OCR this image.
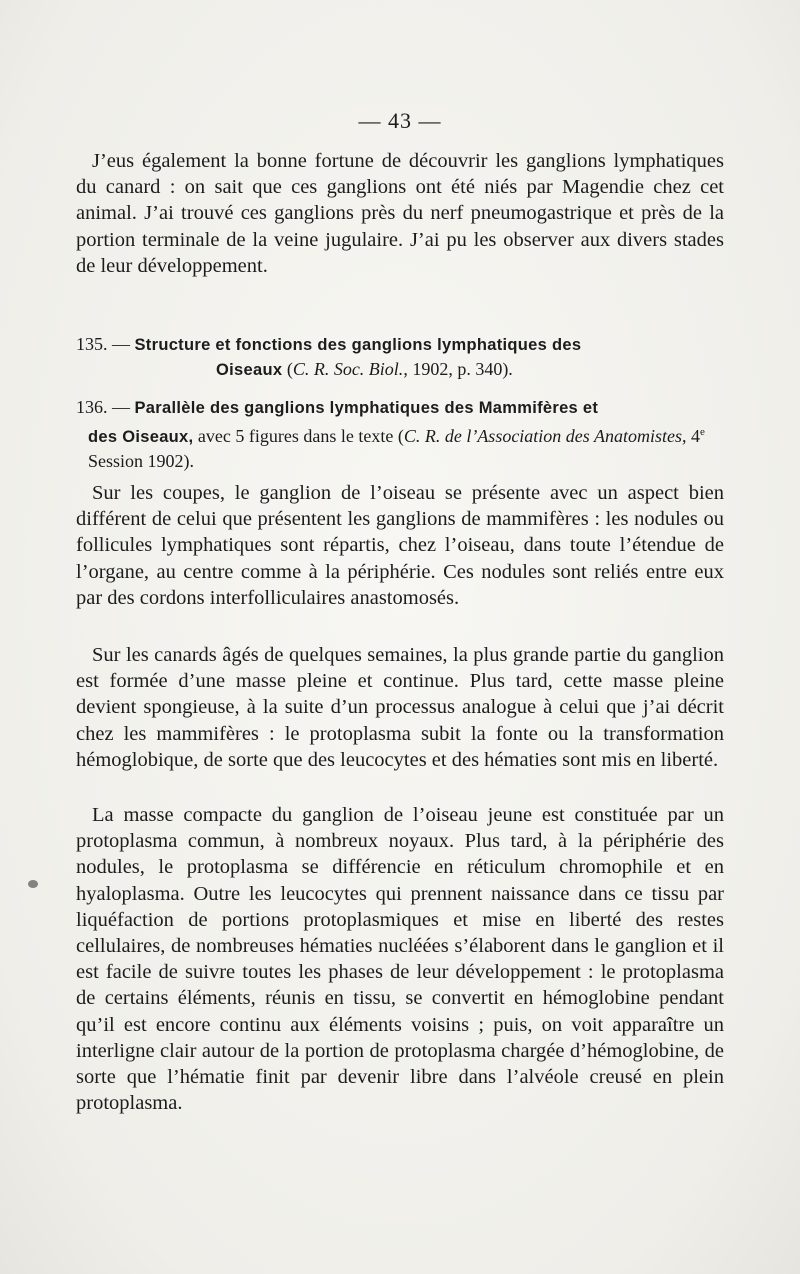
— 43 —

J’eus également la bonne fortune de découvrir les ganglions lymphatiques du canard : on sait que ces ganglions ont été niés par Magendie chez cet animal. J’ai trouvé ces ganglions près du nerf pneumogastrique et près de la portion terminale de la veine jugulaire. J’ai pu les observer aux divers stades de leur développement.

135. — Structure et fonctions des ganglions lymphatiques des
Oiseaux (C. R. Soc. Biol., 1902, p. 340).
136. — Parallèle des ganglions lymphatiques des Mammifères et
des Oiseaux, avec 5 figures dans le texte (C. R. de l’Association des Anatomistes, 4e Session 1902).

Sur les coupes, le ganglion de l’oiseau se présente avec un aspect bien différent de celui que présentent les ganglions de mammifères : les nodules ou follicules lymphatiques sont répartis, chez l’oiseau, dans toute l’étendue de l’organe, au centre comme à la périphérie. Ces nodules sont reliés entre eux par des cordons interfolliculaires anastomosés.

Sur les canards âgés de quelques semaines, la plus grande partie du ganglion est formée d’une masse pleine et continue. Plus tard, cette masse pleine devient spongieuse, à la suite d’un processus analogue à celui que j’ai décrit chez les mammifères : le protoplasma subit la fonte ou la transformation hémoglobique, de sorte que des leucocytes et des hématies sont mis en liberté.

La masse compacte du ganglion de l’oiseau jeune est constituée par un protoplasma commun, à nombreux noyaux. Plus tard, à la périphérie des nodules, le protoplasma se différencie en réticulum chromophile et en hyaloplasma. Outre les leucocytes qui prennent naissance dans ce tissu par liquéfaction de portions protoplasmiques et mise en liberté des restes cellulaires, de nombreuses hématies nucléées s’élaborent dans le ganglion et il est facile de suivre toutes les phases de leur développement : le protoplasma de certains éléments, réunis en tissu, se convertit en hémoglobine pendant qu’il est encore continu aux éléments voisins ; puis, on voit apparaître un interligne clair autour de la portion de protoplasma chargée d’hémoglobine, de sorte que l’hématie finit par devenir libre dans l’alvéole creusé en plein protoplasma.
